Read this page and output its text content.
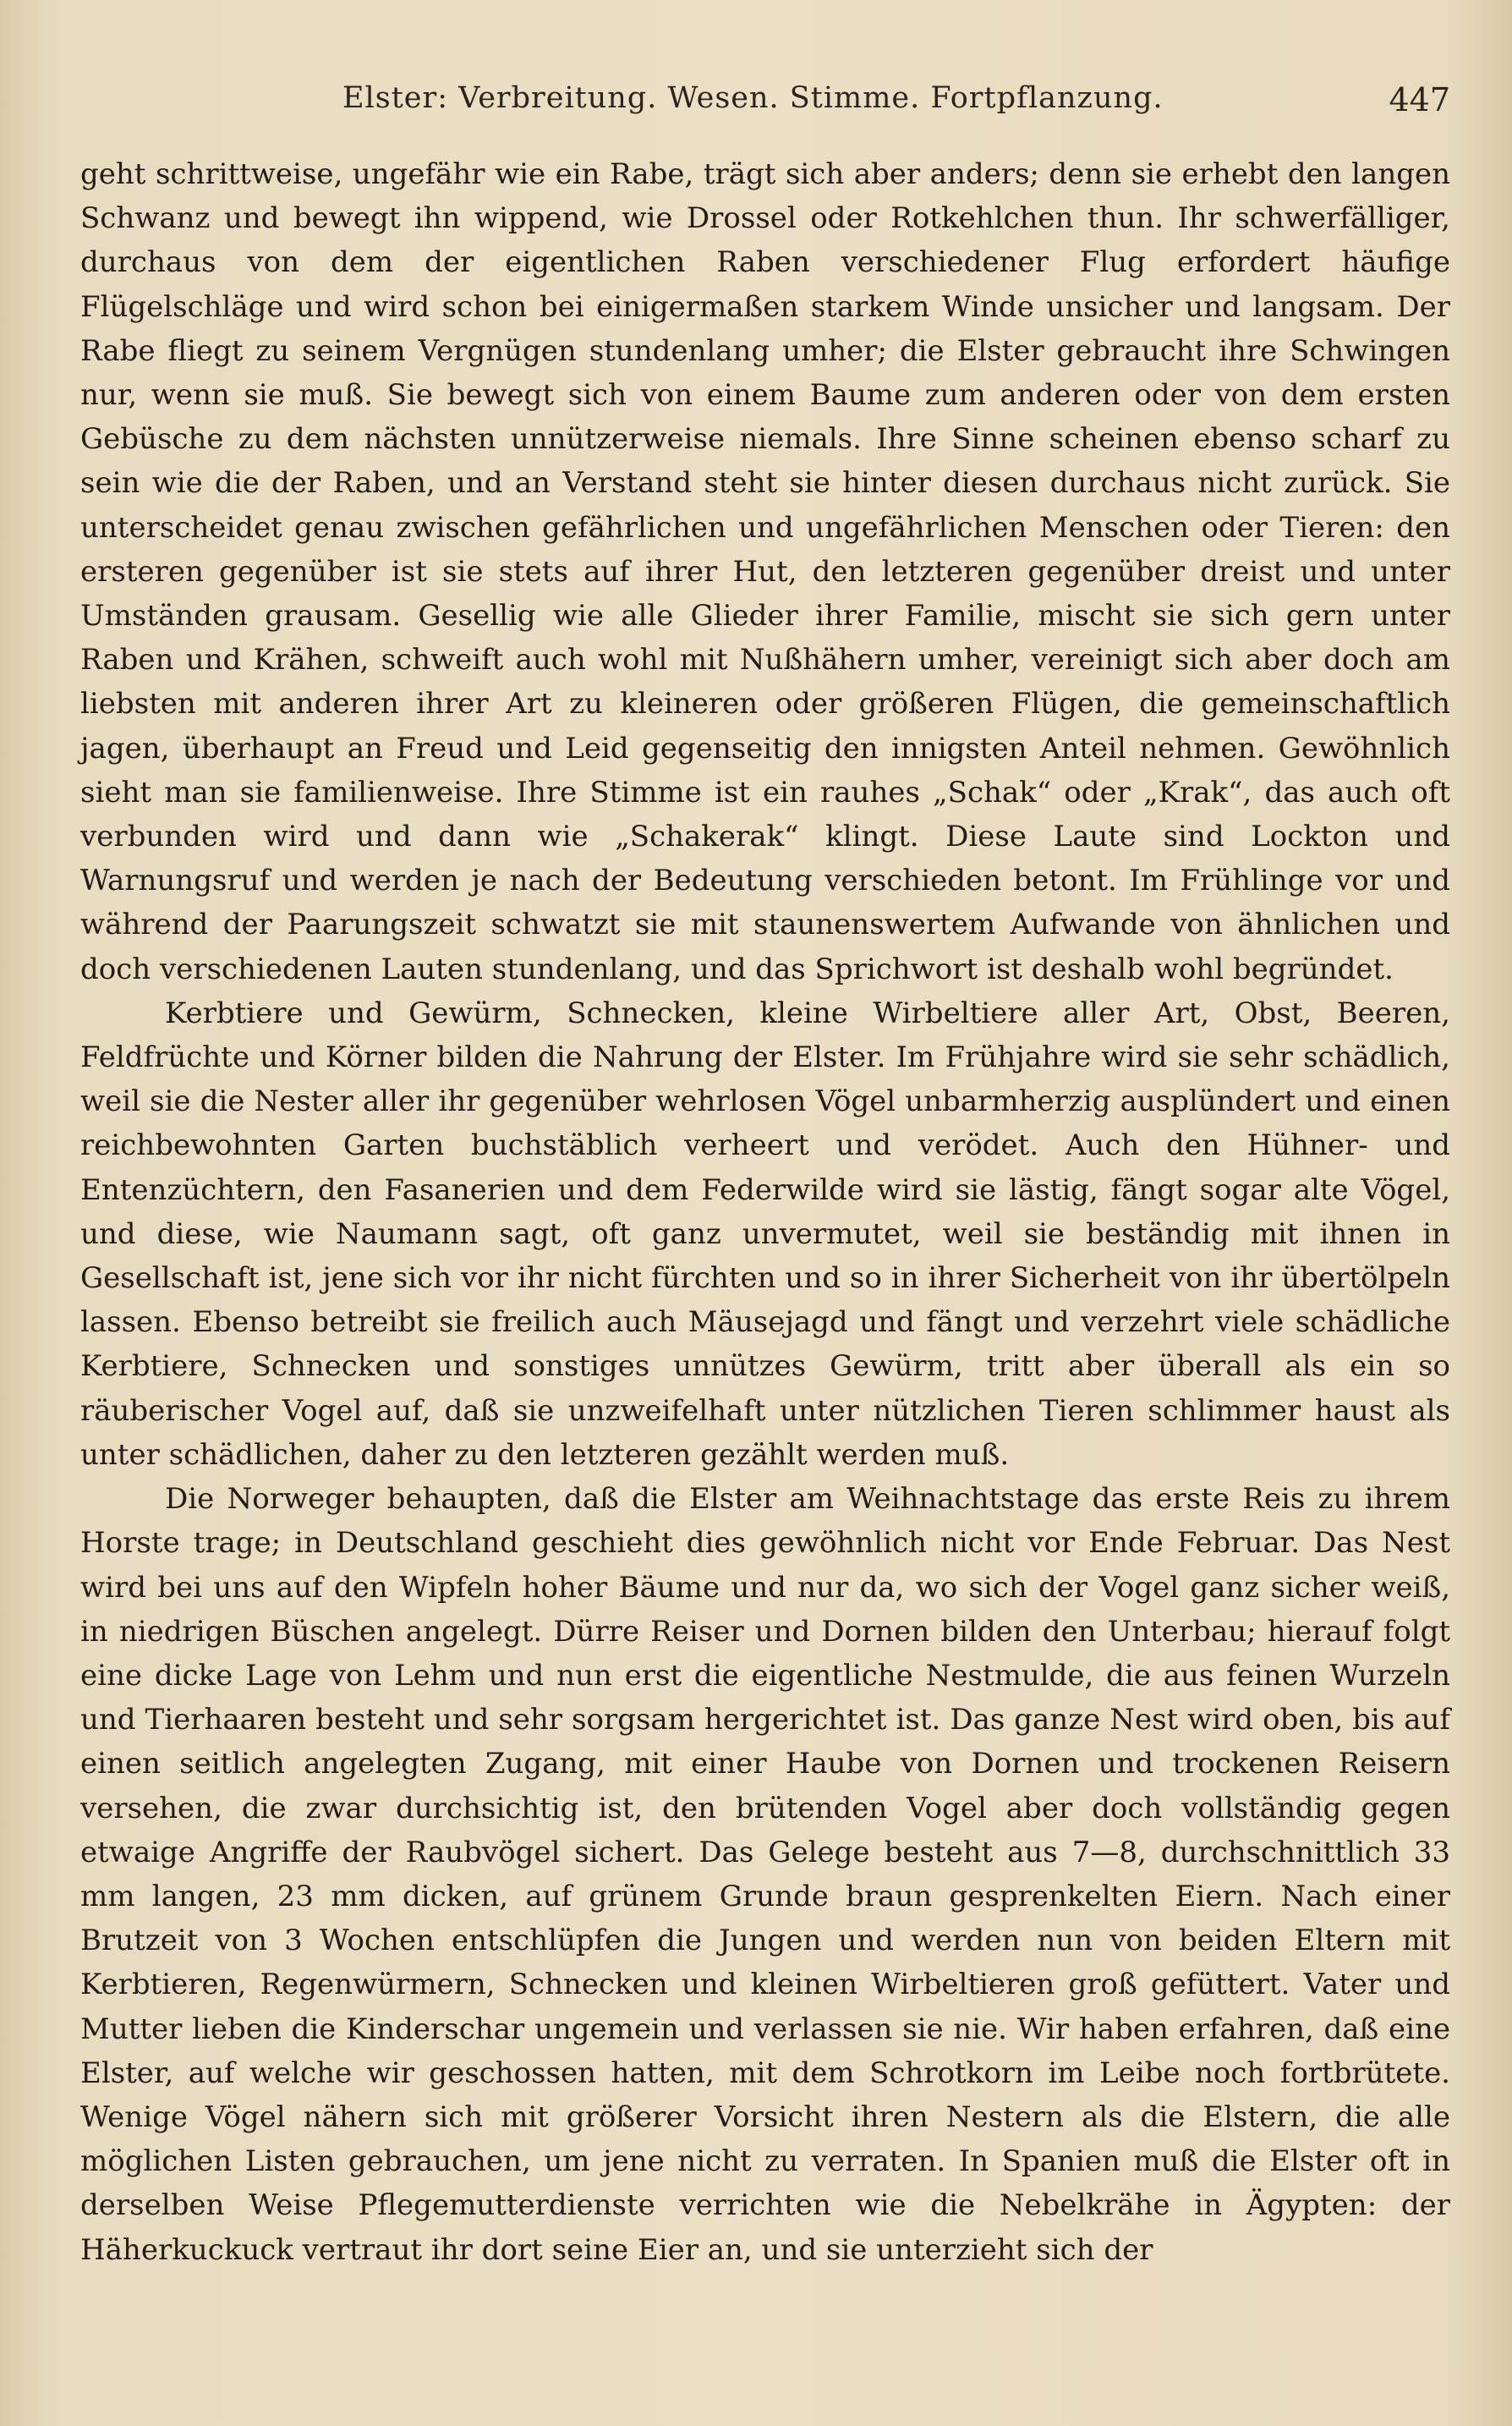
Elster: Verbreitung. Wesen. Stimme. Fortpflanzung.	447

geht schrittweise, ungefähr wie ein Rabe, trägt sich aber anders; denn sie erhebt den langen Schwanz und bewegt ihn wippend, wie Drossel oder Rotkehlchen thun. Ihr schwerfälliger, durchaus von dem der eigentlichen Raben verschiedener Flug erfordert häufige Flügelschläge und wird schon bei einigermaßen starkem Winde unsicher und langsam. Der Rabe fliegt zu seinem Vergnügen stundenlang umher; die Elster gebraucht ihre Schwingen nur, wenn sie muß. Sie bewegt sich von einem Baume zum anderen oder von dem ersten Gebüsche zu dem nächsten unnützerweise niemals. Ihre Sinne scheinen ebenso scharf zu sein wie die der Raben, und an Verstand steht sie hinter diesen durchaus nicht zurück. Sie unterscheidet genau zwischen gefährlichen und ungefährlichen Menschen oder Tieren: den ersteren gegenüber ist sie stets auf ihrer Hut, den letzteren gegenüber dreist und unter Umständen grausam. Gesellig wie alle Glieder ihrer Familie, mischt sie sich gern unter Raben und Krähen, schweift auch wohl mit Nußhähern umher, vereinigt sich aber doch am liebsten mit anderen ihrer Art zu kleineren oder größeren Flügen, die gemeinschaftlich jagen, überhaupt an Freud und Leid gegenseitig den innigsten Anteil nehmen. Gewöhnlich sieht man sie familienweise. Ihre Stimme ist ein rauhes „Schak“ oder „Krak“, das auch oft verbunden wird und dann wie „Schakerak“ klingt. Diese Laute sind Lockton und Warnungsruf und werden je nach der Bedeutung verschieden betont. Im Frühlinge vor und während der Paarungszeit schwatzt sie mit staunenswertem Aufwande von ähnlichen und doch verschiedenen Lauten stundenlang, und das Sprichwort ist deshalb wohl begründet.

Kerbtiere und Gewürm, Schnecken, kleine Wirbeltiere aller Art, Obst, Beeren, Feldfrüchte und Körner bilden die Nahrung der Elster. Im Frühjahre wird sie sehr schädlich, weil sie die Nester aller ihr gegenüber wehrlosen Vögel unbarmherzig ausplündert und einen reichbewohnten Garten buchstäblich verheert und verödet. Auch den Hühner- und Entenzüchtern, den Fasanerien und dem Federwilde wird sie lästig, fängt sogar alte Vögel, und diese, wie Naumann sagt, oft ganz unvermutet, weil sie beständig mit ihnen in Gesellschaft ist, jene sich vor ihr nicht fürchten und so in ihrer Sicherheit von ihr übertölpeln lassen. Ebenso betreibt sie freilich auch Mäusejagd und fängt und verzehrt viele schädliche Kerbtiere, Schnecken und sonstiges unnützes Gewürm, tritt aber überall als ein so räuberischer Vogel auf, daß sie unzweifelhaft unter nützlichen Tieren schlimmer haust als unter schädlichen, daher zu den letzteren gezählt werden muß.

Die Norweger behaupten, daß die Elster am Weihnachtstage das erste Reis zu ihrem Horste trage; in Deutschland geschieht dies gewöhnlich nicht vor Ende Februar. Das Nest wird bei uns auf den Wipfeln hoher Bäume und nur da, wo sich der Vogel ganz sicher weiß, in niedrigen Büschen angelegt. Dürre Reiser und Dornen bilden den Unterbau; hierauf folgt eine dicke Lage von Lehm und nun erst die eigentliche Nestmulde, die aus feinen Wurzeln und Tierhaaren besteht und sehr sorgsam hergerichtet ist. Das ganze Nest wird oben, bis auf einen seitlich angelegten Zugang, mit einer Haube von Dornen und trockenen Reisern versehen, die zwar durchsichtig ist, den brütenden Vogel aber doch vollständig gegen etwaige Angriffe der Raubvögel sichert. Das Gelege besteht aus 7—8, durchschnittlich 33 mm langen, 23 mm dicken, auf grünem Grunde braun gesprenkelten Eiern. Nach einer Brutzeit von 3 Wochen entschlüpfen die Jungen und werden nun von beiden Eltern mit Kerbtieren, Regenwürmern, Schnecken und kleinen Wirbeltieren groß gefüttert. Vater und Mutter lieben die Kinderschar ungemein und verlassen sie nie. Wir haben erfahren, daß eine Elster, auf welche wir geschossen hatten, mit dem Schrotkorn im Leibe noch fortbrütete. Wenige Vögel nähern sich mit größerer Vorsicht ihren Nestern als die Elstern, die alle möglichen Listen gebrauchen, um jene nicht zu verraten. In Spanien muß die Elster oft in derselben Weise Pflegemutterdienste verrichten wie die Nebelkrähe in Ägypten: der Häherkuckuck vertraut ihr dort seine Eier an, und sie unterzieht sich der
